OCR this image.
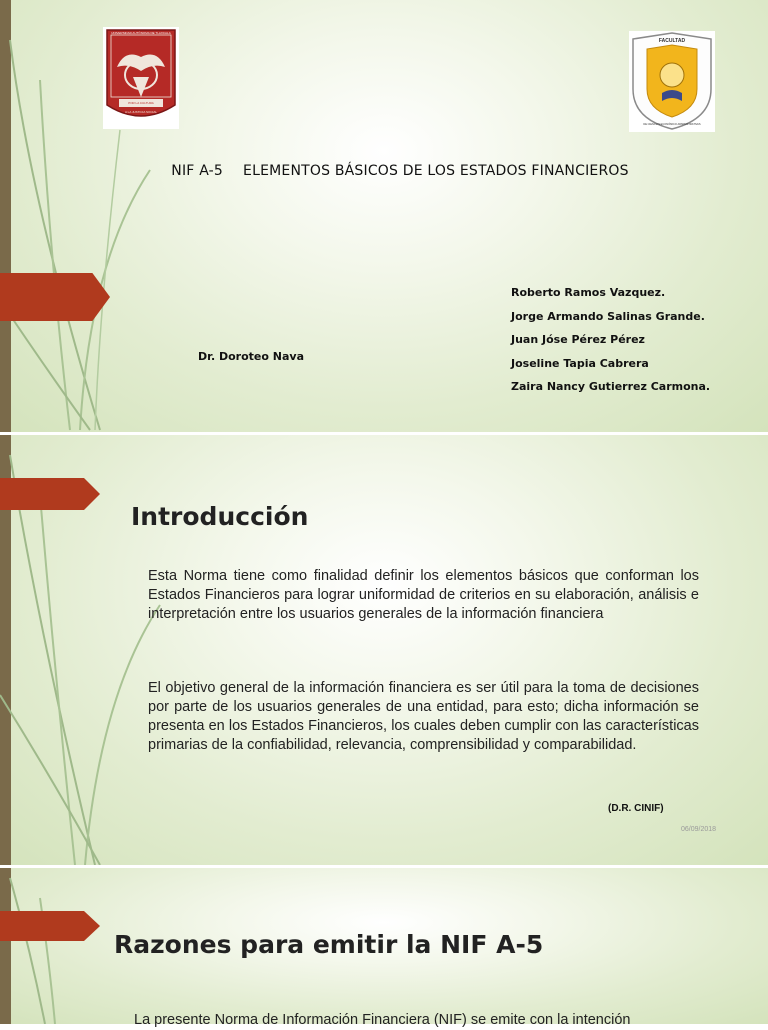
UNIVERSIDAD AUTÓNOMA DE TLAXCALA
POR LA CULTURA
A LA JUSTICIA SOCIAL
FACULTAD
DE CIENCIAS ECONÓMICO ADMINISTRATIVAS
NIF A-5 ELEMENTOS BÁSICOS DE LOS ESTADOS FINANCIEROS
Dr. Doroteo Nava
Roberto Ramos Vazquez.
Jorge Armando Salinas Grande.
Juan Jóse Pérez Pérez
Joseline Tapia Cabrera
Zaira Nancy Gutierrez Carmona.
Introducción

Esta Norma tiene como finalidad definir los elementos básicos que conforman los Estados Financieros para lograr uniformidad de criterios en su elaboración, análisis e interpretación entre los usuarios generales de la información financiera

El objetivo general de la información financiera es ser útil para la toma de decisiones por parte de los usuarios generales de una entidad, para esto; dicha información se presenta en los Estados Financieros, los cuales deben cumplir con las características primarias de la confiabilidad, relevancia, comprensibilidad y comparabilidad.

(D.R. CINIF)
06/09/2018
Razones para emitir la NIF A-5

La presente Norma de Información Financiera (NIF) se emite con la intención
